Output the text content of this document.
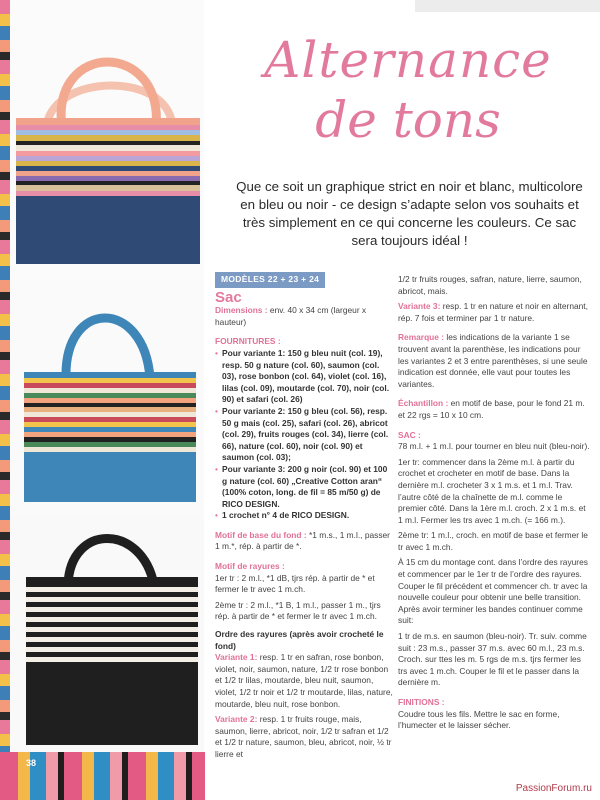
38
Alternance
de tons
Que ce soit un graphique strict en noir et blanc, multicolore en bleu ou noir - ce design s’adapte selon vos souhaits et très simplement en ce qui concerne les couleurs. Ce sac sera toujours idéal !
MODÈLES 22 + 23 + 24
Sac

Dimensions : env. 40 x 34 cm (largeur x hauteur)

FOURNITURES :
• Pour variante 1: 150 g bleu nuit (col. 19), resp. 50 g nature (col. 60), saumon (col. 03), rose bonbon (col. 64), violet (col. 16), lilas (col. 09), moutarde (col. 70), noir (col. 90) et safari (col. 26)
• Pour variante 2: 150 g bleu (col. 56), resp. 50 g mais (col. 25), safari (col. 26), abricot (col. 29), fruits rouges (col. 34), lierre (col. 66), nature (col. 60), noir (col. 90) et saumon (col. 03);
• Pour variante 3: 200 g noir (col. 90) et 100 g nature (col. 60) „Creative Cotton aran“ (100% coton, long. de fil = 85 m/50 g) de RICO DESIGN.
• 1 crochet n° 4 de RICO DESIGN.

Motif de base du fond : *1 m.s., 1 m.l., passer 1 m.*, rép. à partir de *.

Motif de rayures :

1er tr : 2 m.l., *1 dB, tjrs rép. à partir de * et fermer le tr avec 1 m.ch.

2ème tr : 2 m.l., *1 B, 1 m.l., passer 1 m., tjrs rép. à partir de * et fermer le tr avec 1 m.ch.

Ordre des rayures (après avoir crocheté le fond)

Variante 1: resp. 1 tr en safran, rose bonbon, violet, noir, saumon, nature, 1/2 tr rose bonbon et 1/2 tr lilas, moutarde, bleu nuit, saumon, violet, 1/2 tr noir et 1/2 tr moutarde, lilas, nature, moutarde, bleu nuit, rose bonbon.

Variante 2: resp. 1 tr fruits rouge, mais, saumon, lierre, abricot, noir, 1/2 tr safran et 1/2 et 1/2 tr nature, saumon, bleu, abricot, noir, ½ tr lierre et

1/2 tr fruits rouges, safran, nature, lierre, saumon, abricot, mais.

Variante 3: resp. 1 tr en nature et noir en alternant, rép. 7 fois et terminer par 1 tr nature.

Remarque : les indications de la variante 1 se trouvent avant la parenthèse, les indications pour les variantes 2 et 3 entre parenthèses, si une seule indication est donnée, elle vaut pour toutes les variantes.

Échantillon : en motif de base, pour le fond 21 m. et 22 rgs = 10 x 10 cm.

SAC :

78 m.l. + 1 m.l. pour tourner en bleu nuit (bleu-noir).

1er tr: commencer dans la 2ème m.l. à partir du crochet et crocheter en motif de base. Dans la dernière m.l. crocheter 3 x 1 m.s. et 1 m.l. Trav. l’autre côté de la chaînette de m.l. comme le premier côté. Dans la 1ère m.l. croch. 2 x 1 m.s. et 1 m.l. Fermer les trs avec 1 m.ch. (= 166 m.).

2ème tr: 1 m.l., croch. en motif de base et fermer le tr avec 1 m.ch.

À 15 cm du montage cont. dans l’ordre des rayures et commencer par le 1er tr de l’ordre des rayures. Couper le fil précédent et commencer ch. tr avec la nouvelle couleur pour obtenir une belle transition. Après avoir terminer les bandes continuer comme suit:

1 tr de m.s. en saumon (bleu-noir). Tr. suiv. comme suit : 23 m.s., passer 37 m.s. avec 60 m.l., 23 m.s. Croch. sur ttes les m. 5 rgs de m.s. tjrs fermer les trs avec 1 m.ch. Couper le fil et le passer dans la dernière m.

FINITIONS :

Coudre tous les fils. Mettre le sac en forme, l’humecter et le laisser sécher.

PassionForum.ru
